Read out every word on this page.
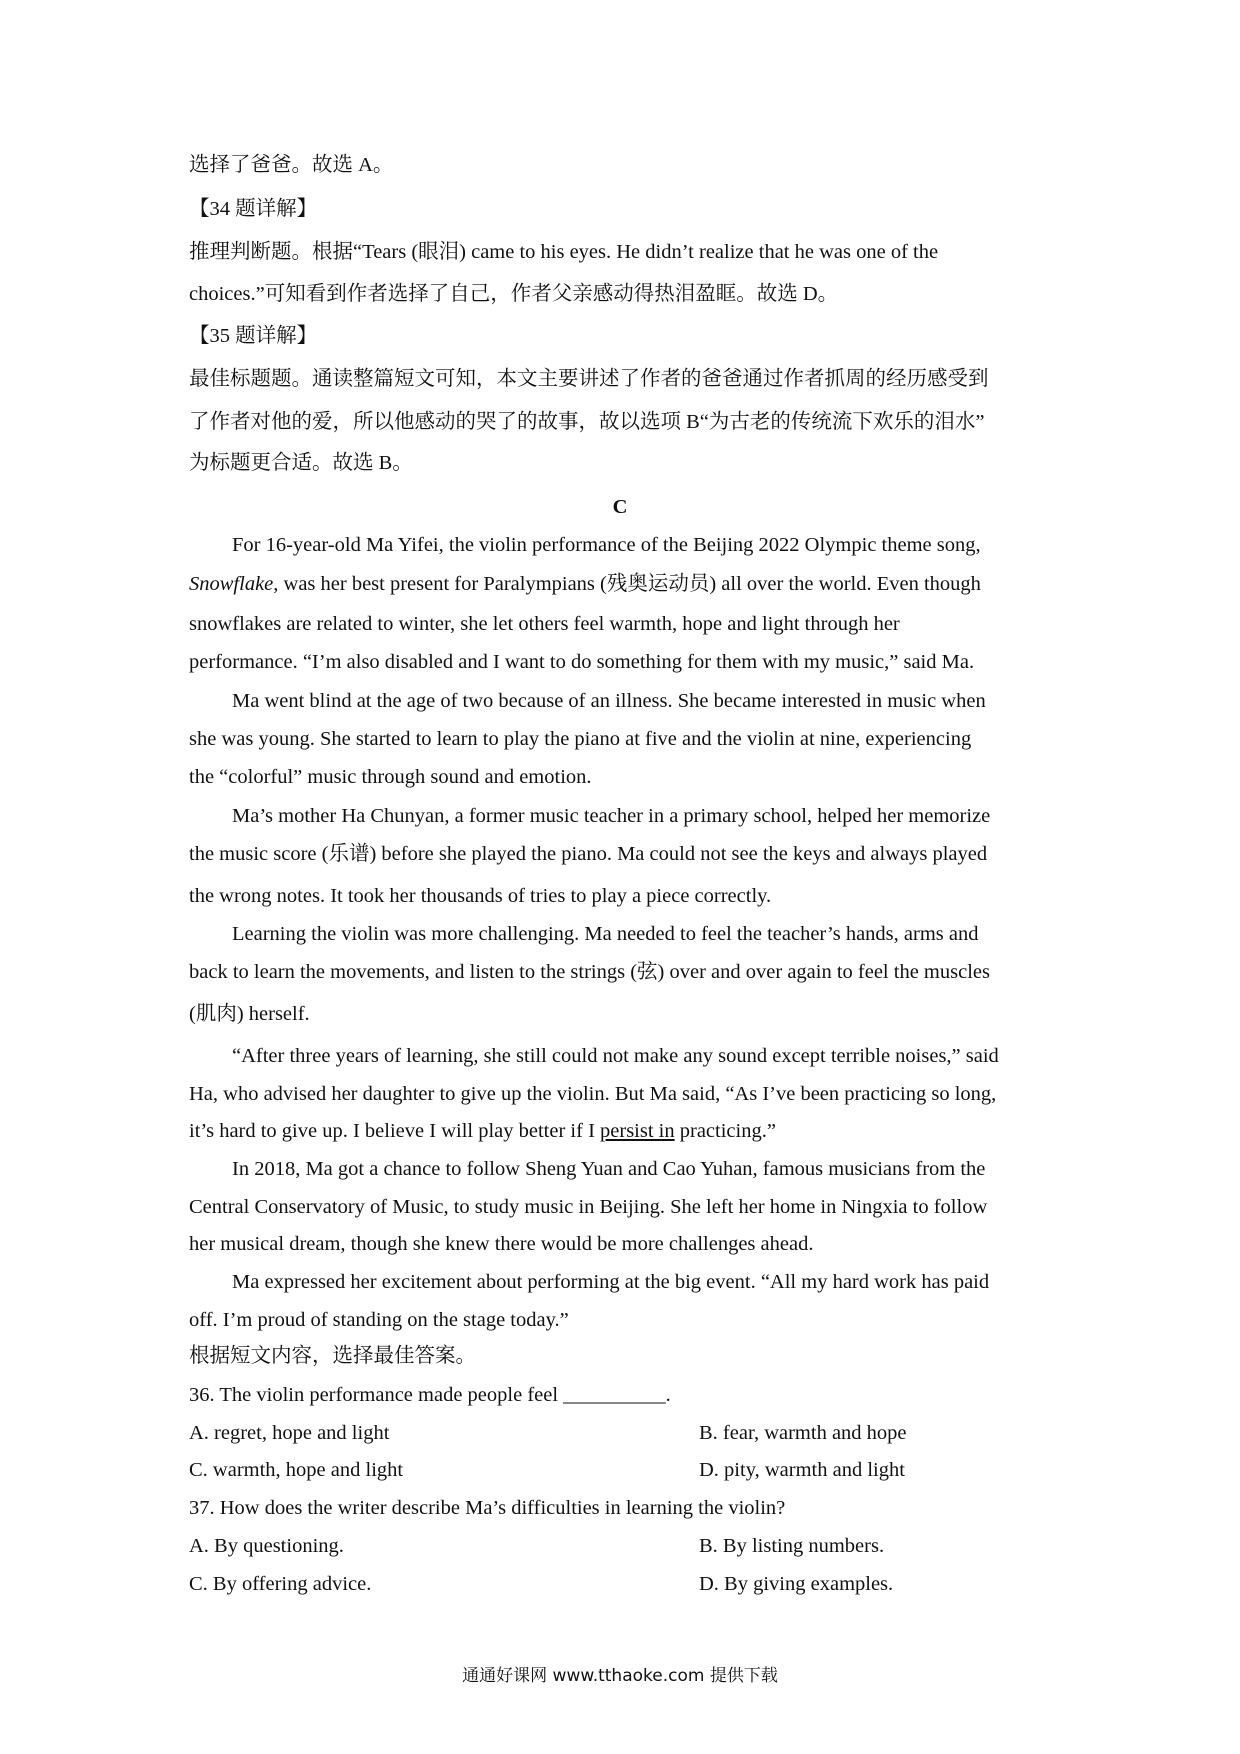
选择了爸爸。故选 A。
【34 题详解】
推理判断题。根据“Tears (眼泪) came to his eyes. He didn’t realize that he was one of the
choices.”可知看到作者选择了自己，作者父亲感动得热泪盈眶。故选 D。
【35 题详解】
最佳标题题。通读整篇短文可知，本文主要讲述了作者的爸爸通过作者抓周的经历感受到
了作者对他的爱，所以他感动的哭了的故事，故以选项 B“为古老的传统流下欢乐的泪水”
为标题更合适。故选 B。
C
For 16-year-old Ma Yifei, the violin performance of the Beijing 2022 Olympic theme song,
Snowflake, was her best present for Paralympians (残奥运动员) all over the world. Even though
snowflakes are related to winter, she let others feel warmth, hope and light through her
performance. “I’m also disabled and I want to do something for them with my music,” said Ma.
Ma went blind at the age of two because of an illness. She became interested in music when
she was young. She started to learn to play the piano at five and the violin at nine, experiencing
the “colorful” music through sound and emotion.
Ma’s mother Ha Chunyan, a former music teacher in a primary school, helped her memorize
the music score (乐谱) before she played the piano. Ma could not see the keys and always played
the wrong notes. It took her thousands of tries to play a piece correctly.
Learning the violin was more challenging. Ma needed to feel the teacher’s hands, arms and
back to learn the movements, and listen to the strings (弦) over and over again to feel the muscles
(肌肉) herself.
“After three years of learning, she still could not make any sound except terrible noises,” said
Ha, who advised her daughter to give up the violin. But Ma said, “As I’ve been practicing so long,
it’s hard to give up. I believe I will play better if I persist in practicing.”
In 2018, Ma got a chance to follow Sheng Yuan and Cao Yuhan, famous musicians from the
Central Conservatory of Music, to study music in Beijing. She left her home in Ningxia to follow
her musical dream, though she knew there would be more challenges ahead.
Ma expressed her excitement about performing at the big event. “All my hard work has paid
off. I’m proud of standing on the stage today.”
根据短文内容，选择最佳答案。
36. The violin performance made people feel __________.
A. regret, hope and light	B. fear, warmth and hope
C. warmth, hope and light	D. pity, warmth and light
37. How does the writer describe Ma’s difficulties in learning the violin?
A. By questioning.	B. By listing numbers.
C. By offering advice.	D. By giving examples.
通通好课网 www.tthaoke.com 提供下载
